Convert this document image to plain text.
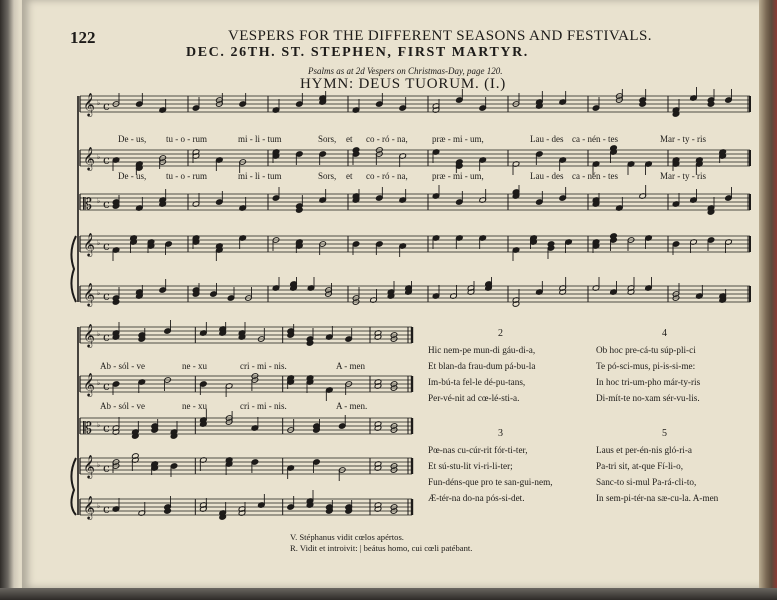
122	VESPERS FOR THE DIFFERENT SEASONS AND FESTIVALS.
DEC. 26TH. ST. STEPHEN, FIRST MARTYR.
Psalms as at 2d Vespers on Christmas-Day, page 120.
HYMN: DEUS TUORUM. (I.)
𝄞 ♭ c
𝄞 ♭ c
𝄡 ♭ c
𝄞 ♭ c
𝄞 ♭ c
𝄞 ♭ c
𝄞 ♭ c
𝄡 ♭ c
𝄞 ♭ c
𝄞 ♭ c
De - us, tu - o - rum	mi - li - tum	Sors, et co - ró - na,	præ - mi - um,	Lau - des ca - nén - tes	Mar - ty - ris
De - us, tu - o - rum	mi - li - tum	Sors, et co - ró - na,	præ - mi - um,	Lau - des ca - nén - tes	Mar - ty - ris
Ab - sól - ve	ne - xu	cri - mi - nis.	A - men
Ab - sól - ve	ne - xu	cri - mi - nis.	A - men.
2
Hic nem-pe mun-di gáu-di-a,
Et blan-da frau-dum pá-bu-la
Im-bú-ta fel-le dé-pu-tans,
Per-vé-nit ad cœ-lé-sti-a.
4
Ob hoc pre-cá-tu súp-pli-ci
Te pó-sci-mus, pi-is-si-me:
In hoc tri-um-pho már-ty-ris
Di-mít-te no-xam sér-vu-lis.
3
Pœ-nas cu-cúr-rit fór-ti-ter,
Et sú-stu-lit vi-ri-li-ter;
Fun-déns-que pro te san-gui-nem,
Æ-tér-na do-na pós-si-det.
5
Laus et per-én-nis gló-ri-a
Pa-tri sit, at-que Fí-li-o,
Sanc-to si-mul Pa-rá-cli-to,
In sem-pi-tér-na sæ-cu-la. A-men
V. Stéphanus vidit cœlos apértos.
R. Vidit et introivit: | beátus homo, cui cœli patébant.
